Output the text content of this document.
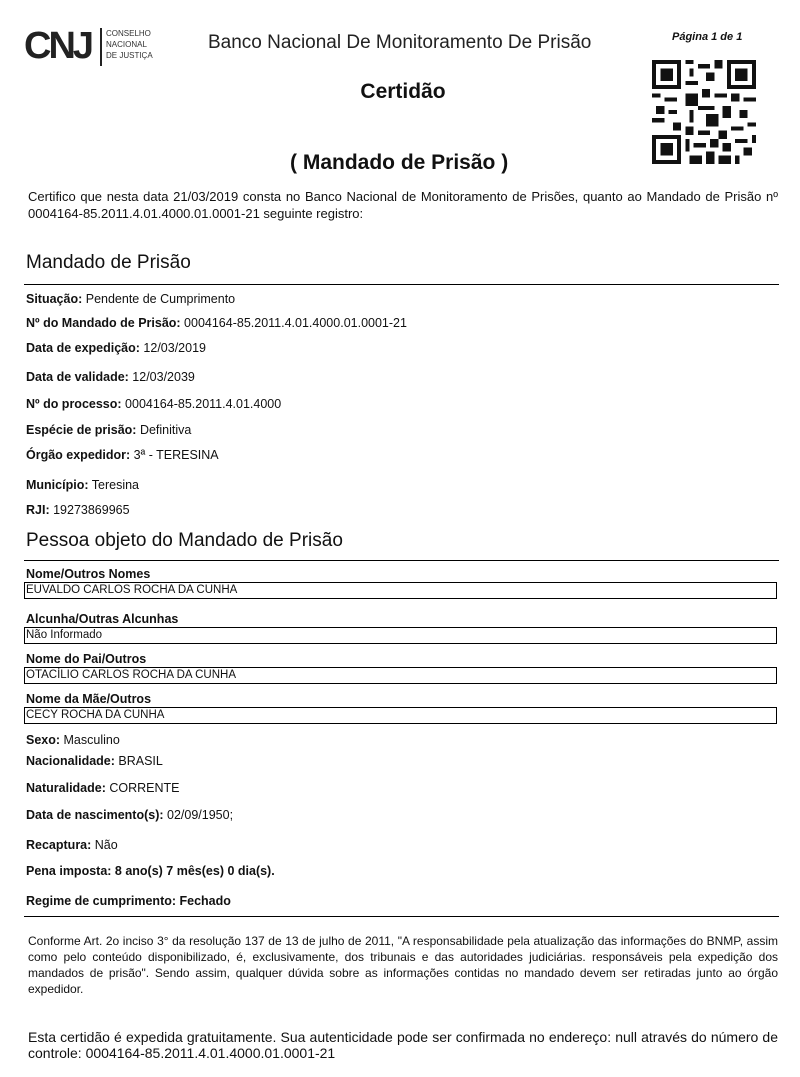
CNJ CONSELHO
NACIONAL
DE JUSTIÇA
Banco Nacional De Monitoramento De Prisão	Página 1 de 1
Certidão
( Mandado de Prisão )
Certifico que nesta data 21/03/2019 consta no Banco Nacional de Monitoramento de Prisões, quanto ao Mandado de Prisão nº 0004164-85.2011.4.01.4000.01.0001-21 seguinte registro:
Mandado de Prisão
Situação: Pendente de Cumprimento
Nº do Mandado de Prisão: 0004164-85.2011.4.01.4000.01.0001-21
Data de expedição: 12/03/2019
Data de validade: 12/03/2039
Nº do processo: 0004164-85.2011.4.01.4000
Espécie de prisão: Definitiva
Órgão expedidor: 3ª - TERESINA
Município: Teresina
RJI: 19273869965
Pessoa objeto do Mandado de Prisão
Nome/Outros Nomes
EUVALDO CARLOS ROCHA DA CUNHA
Alcunha/Outras Alcunhas
Não Informado
Nome do Pai/Outros
OTACÍLIO CARLOS ROCHA DA CUNHA
Nome da Mãe/Outros
CECY ROCHA DA CUNHA
Sexo: Masculino
Nacionalidade: BRASIL
Naturalidade: CORRENTE
Data de nascimento(s): 02/09/1950;
Recaptura: Não
Pena imposta: 8 ano(s) 7 mês(es) 0 dia(s).
Regime de cumprimento: Fechado
Conforme Art. 2o inciso 3° da resolução 137 de 13 de julho de 2011, "A responsabilidade pela atualização das informações do BNMP, assim como pelo conteúdo disponibilizado, é, exclusivamente, dos tribunais e das autoridades judiciárias. responsáveis pela expedição dos mandados de prisão". Sendo assim, qualquer dúvida sobre as informações contidas no mandado devem ser retiradas junto ao órgão expedidor.
Esta certidão é expedida gratuitamente. Sua autenticidade pode ser confirmada no endereço: null através do número de controle: 0004164-85.2011.4.01.4000.01.0001-21
